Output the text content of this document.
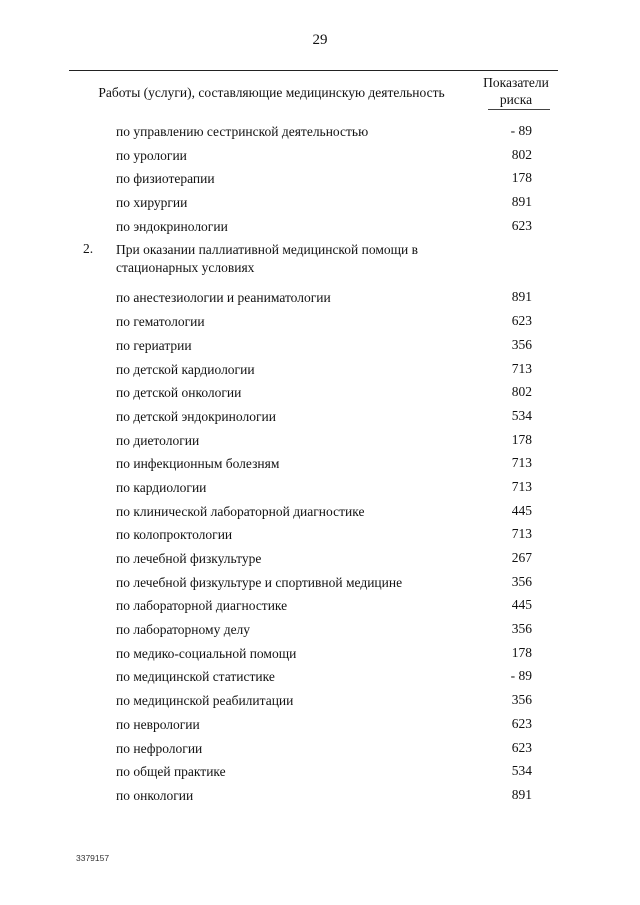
29
Работы (услуги), составляющие медицинскую деятельность
Показатели
риска
по управлению сестринской деятельностью	- 89
по урологии	802
по физиотерапии	178
по хирургии	891
по эндокринологии	623
2. При оказании паллиативной медицинской помощи в стационарных условиях
по анестезиологии и реаниматологии	891
по гематологии	623
по гериатрии	356
по детской кардиологии	713
по детской онкологии	802
по детской эндокринологии	534
по диетологии	178
по инфекционным болезням	713
по кардиологии	713
по клинической лабораторной диагностике	445
по колопроктологии	713
по лечебной физкультуре	267
по лечебной физкультуре и спортивной медицине	356
по лабораторной диагностике	445
по лабораторному делу	356
по медико-социальной помощи	178
по медицинской статистике	- 89
по медицинской реабилитации	356
по неврологии	623
по нефрологии	623
по общей практике	534
по онкологии	891
3379157
